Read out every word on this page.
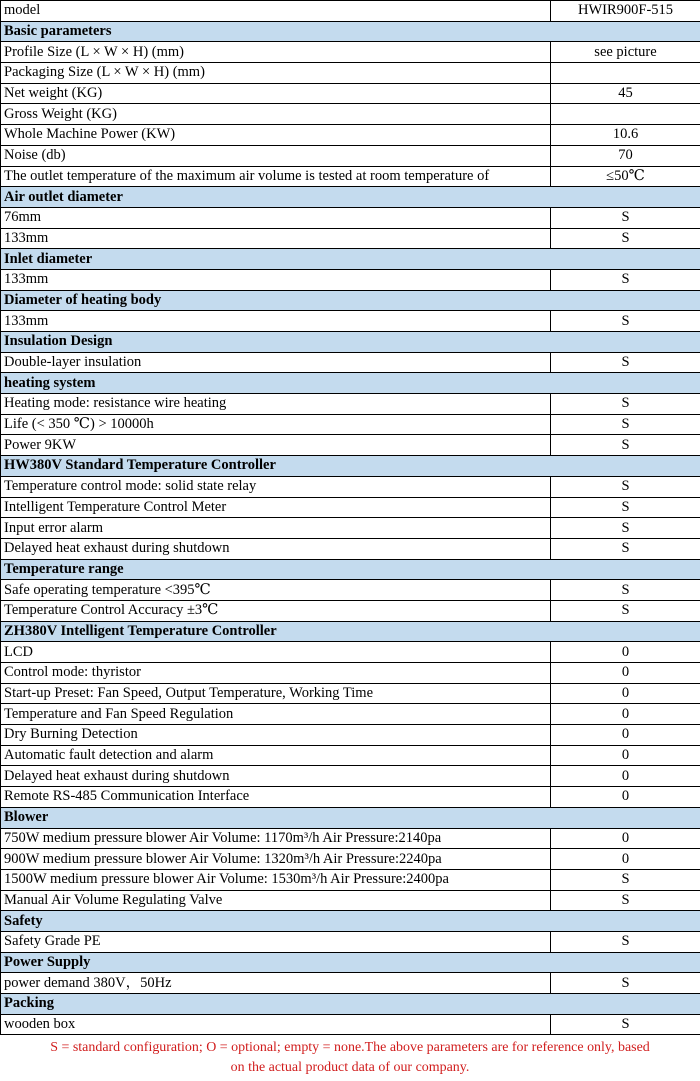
model	HWIR900F-515
Basic parameters	
Profile Size (L × W × H) (mm)	see picture
Packaging Size (L × W × H) (mm)	
Net weight (KG)	45
Gross Weight (KG)	
Whole Machine Power (KW)	10.6
Noise (db)	70
The outlet temperature of the maximum air volume is tested at room temperature of	≤50℃
Air outlet diameter	
76mm	S
133mm	S
Inlet diameter	
133mm	S
Diameter of heating body	
133mm	S
Insulation Design	
Double-layer insulation	S
heating system	
Heating mode: resistance wire heating	S
Life (< 350 ℃) > 10000h	S
Power 9KW	S
HW380V Standard Temperature Controller	
Temperature control mode: solid state relay	S
Intelligent Temperature Control Meter	S
Input error alarm	S
Delayed heat exhaust during shutdown	S
Temperature range	
Safe operating temperature <395℃	S
Temperature Control Accuracy ±3℃	S
ZH380V Intelligent Temperature Controller	
LCD	0
Control mode: thyristor	0
Start-up Preset: Fan Speed, Output Temperature, Working Time	0
Temperature and Fan Speed Regulation	0
Dry Burning Detection	0
Automatic fault detection and alarm	0
Delayed heat exhaust during shutdown	0
Remote RS-485 Communication Interface	0
Blower	
750W medium pressure blower Air Volume: 1170m³/h Air Pressure:2140pa	0
900W medium pressure blower Air Volume: 1320m³/h Air Pressure:2240pa	0
1500W medium pressure blower Air Volume: 1530m³/h Air Pressure:2400pa	S
Manual Air Volume Regulating Valve	S
Safety	
Safety Grade PE	S
Power Supply	
power demand 380V，50Hz	S
Packing	
wooden box	S
S = standard configuration; O = optional; empty = none.The above parameters are for reference only, based
on the actual product data of our company.
